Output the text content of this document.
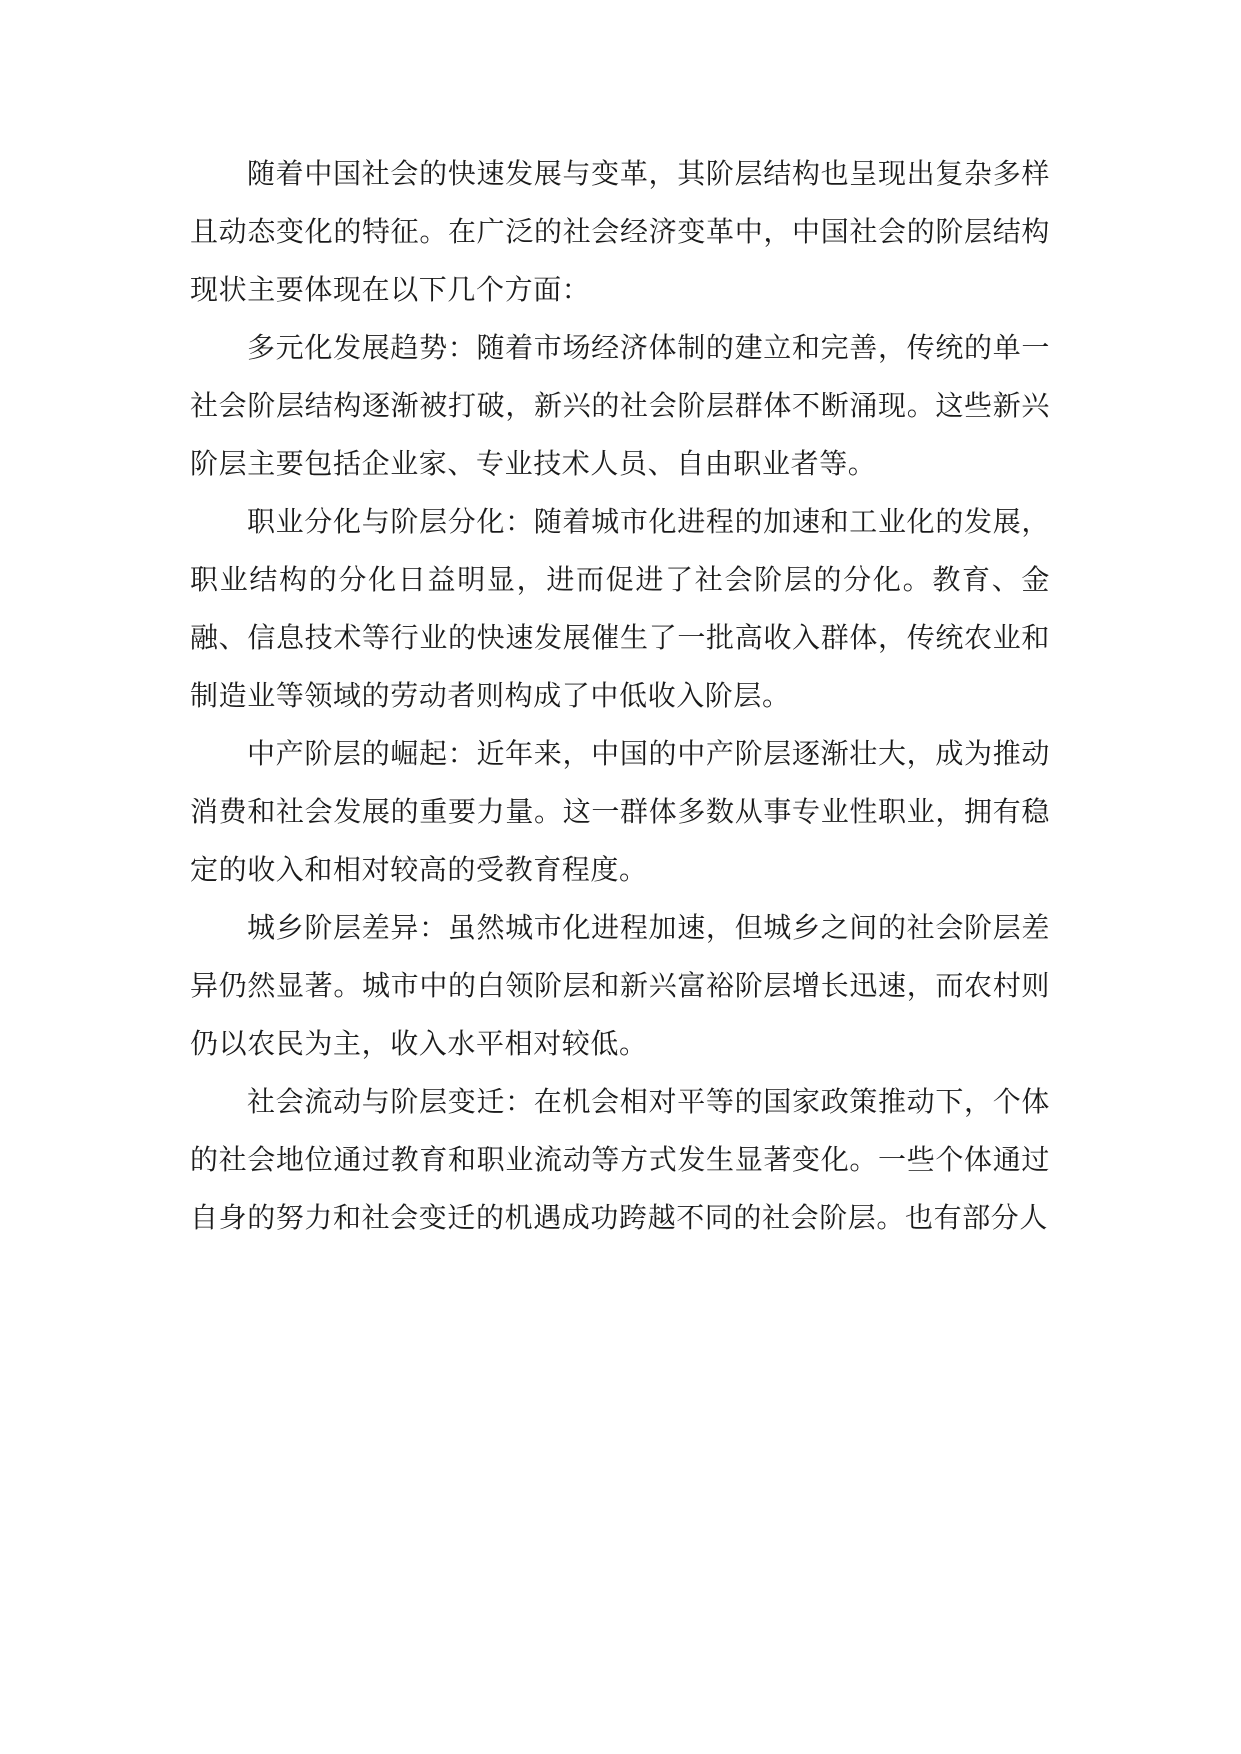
随着中国社会的快速发展与变革，其阶层结构也呈现出复杂多样且动态变化的特征。在广泛的社会经济变革中，中国社会的阶层结构现状主要体现在以下几个方面：

多元化发展趋势：随着市场经济体制的建立和完善，传统的单一社会阶层结构逐渐被打破，新兴的社会阶层群体不断涌现。这些新兴阶层主要包括企业家、专业技术人员、自由职业者等。

职业分化与阶层分化：随着城市化进程的加速和工业化的发展，职业结构的分化日益明显，进而促进了社会阶层的分化。教育、金融、信息技术等行业的快速发展催生了一批高收入群体，传统农业和制造业等领域的劳动者则构成了中低收入阶层。

中产阶层的崛起：近年来，中国的中产阶层逐渐壮大，成为推动消费和社会发展的重要力量。这一群体多数从事专业性职业，拥有稳定的收入和相对较高的受教育程度。

城乡阶层差异：虽然城市化进程加速，但城乡之间的社会阶层差异仍然显著。城市中的白领阶层和新兴富裕阶层增长迅速，而农村则仍以农民为主，收入水平相对较低。

社会流动与阶层变迁：在机会相对平等的国家政策推动下，个体的社会地位通过教育和职业流动等方式发生显著变化。一些个体通过自身的努力和社会变迁的机遇成功跨越不同的社会阶层。也有部分人
